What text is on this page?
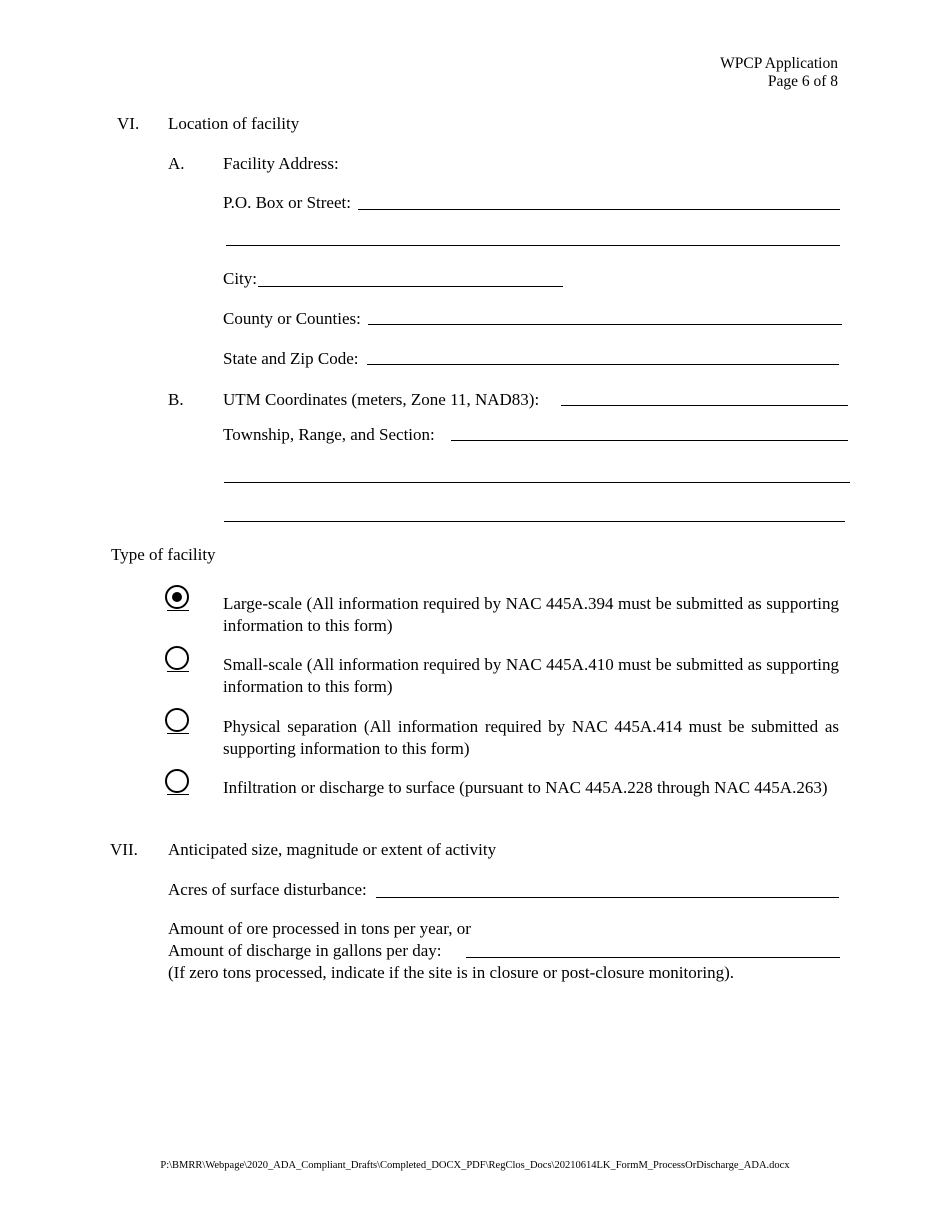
WPCP Application
Page 6 of 8
VI. Location of facility
A. Facility Address:
P.O. Box or Street:
City:
County or Counties:
State and Zip Code:
B. UTM Coordinates (meters, Zone 11, NAD83):
Township, Range, and Section:
Type of facility
Large-scale (All information required by NAC 445A.394 must be submitted as supporting information to this form)
Small-scale (All information required by NAC 445A.410 must be submitted as supporting information to this form)
Physical separation (All information required by NAC 445A.414 must be submitted as supporting information to this form)
Infiltration or discharge to surface (pursuant to NAC 445A.228 through NAC 445A.263)
VII. Anticipated size, magnitude or extent of activity
Acres of surface disturbance:
Amount of ore processed in tons per year, or
Amount of discharge in gallons per day:
(If zero tons processed, indicate if the site is in closure or post-closure monitoring).
P:\BMRR\Webpage\2020_ADA_Compliant_Drafts\Completed_DOCX_PDF\RegClos_Docs\20210614LK_FormM_ProcessOrDischarge_ADA.docx
